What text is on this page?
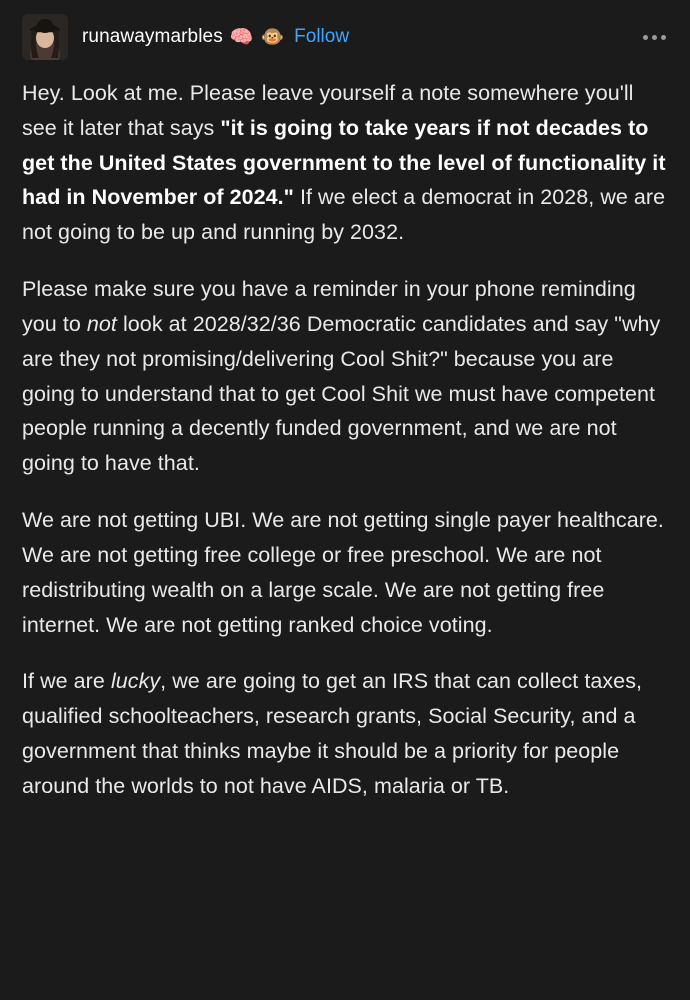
runawaymarbles 🧠 🐵 Follow

Hey. Look at me. Please leave yourself a note somewhere you'll see it later that says "it is going to take years if not decades to get the United States government to the level of functionality it had in November of 2024." If we elect a democrat in 2028, we are not going to be up and running by 2032.

Please make sure you have a reminder in your phone reminding you to not look at 2028/32/36 Democratic candidates and say "why are they not promising/delivering Cool Shit?" because you are going to understand that to get Cool Shit we must have competent people running a decently funded government, and we are not going to have that.

We are not getting UBI. We are not getting single payer healthcare. We are not getting free college or free preschool. We are not redistributing wealth on a large scale. We are not getting free internet. We are not getting ranked choice voting.

If we are lucky, we are going to get an IRS that can collect taxes, qualified schoolteachers, research grants, Social Security, and a government that thinks maybe it should be a priority for people around the worlds to not have AIDS, malaria or TB.
